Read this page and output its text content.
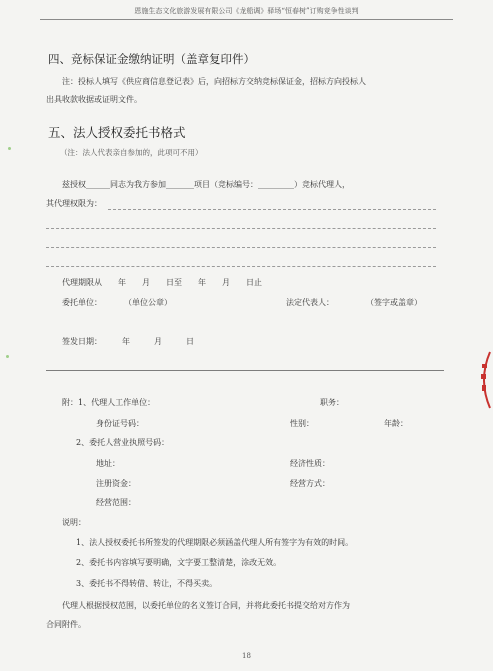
恩施生态文化旅游发展有限公司《龙船调》驿场“恒春树”订购竞争性谈判
四、竞标保证金缴纳证明（盖章复印件）
注：投标人填写《供应商信息登记表》后，向招标方交纳竞标保证金，招标方向投标人
出具收款收据或证明文件。
五、法人授权委托书格式
（注：法人代表亲自参加的，此项可不用）
兹授权______同志为我方参加_______项目（竞标编号：_________）竞标代理人，
其代理权限为：
代理期限从　　年　　月　　日至　　年　　月　　日止
委托单位：	（单位公章）	法定代表人：	（签字或盖章）
签发日期：　　　年　　　月　　　日
附：1、代理人工作单位：	职务：
身份证号码：	性别：	年龄：
2、委托人营业执照号码：
地址：	经济性质：
注册资金：	经营方式：
经营范围：
说明：
1、法人授权委托书所签发的代理期限必须涵盖代理人所有签字为有效的时间。
2、委托书内容填写要明确，文字要工整清楚，涂改无效。
3、委托书不得转借、转让，不得买卖。
代理人根据授权范围，以委托单位的名义签订合同，并将此委托书提交给对方作为
合同附件。
18
